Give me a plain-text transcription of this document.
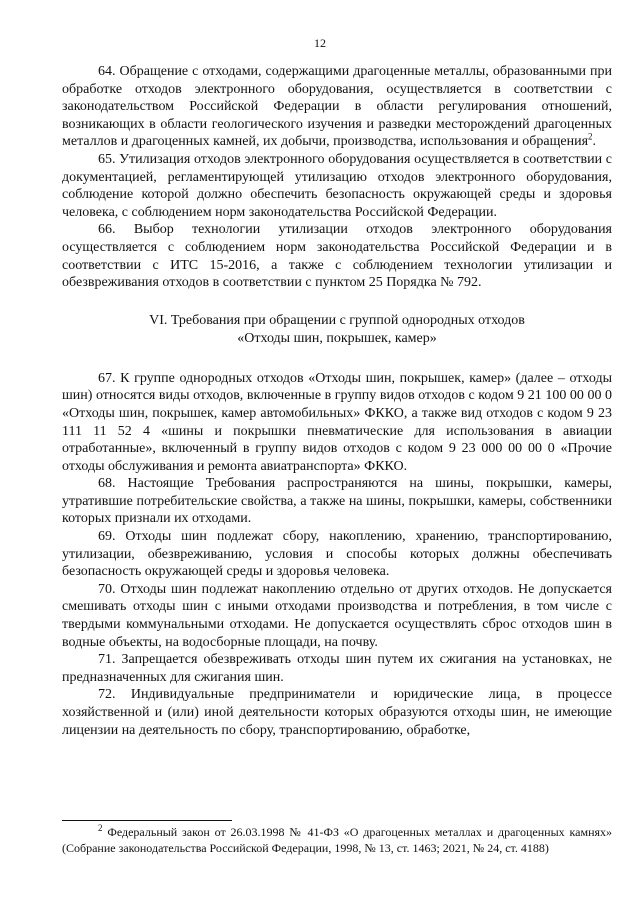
12

64. Обращение с отходами, содержащими драгоценные металлы, образованными при обработке отходов электронного оборудования, осуществляется в соответствии с законодательством Российской Федерации в области регулирования отношений, возникающих в области геологического изучения и разведки месторождений драгоценных металлов и драгоценных камней, их добычи, производства, использования и обращения$^2$.

65. Утилизация отходов электронного оборудования осуществляется в соответствии с документацией, регламентирующей утилизацию отходов электронного оборудования, соблюдение которой должно обеспечить безопасность окружающей среды и здоровья человека, с соблюдением норм законодательства Российской Федерации.

66. Выбор технологии утилизации отходов электронного оборудования осуществляется с соблюдением норм законодательства Российской Федерации и в соответствии с ИТС 15-2016, а также с соблюдением технологии утилизации и обезвреживания отходов в соответствии с пунктом 25 Порядка № 792.

VI. Требования при обращении с группой однородных отходов
«Отходы шин, покрышек, камер»

67. К группе однородных отходов «Отходы шин, покрышек, камер» (далее – отходы шин) относятся виды отходов, включенные в группу видов отходов с кодом 9 21 100 00 00 0 «Отходы шин, покрышек, камер автомобильных» ФККО, а также вид отходов с кодом 9 23 111 11 52 4 «шины и покрышки пневматические для использования в авиации отработанные», включенный в группу видов отходов с кодом 9 23 000 00 00 0 «Прочие отходы обслуживания и ремонта авиатранспорта» ФККО.

68. Настоящие Требования распространяются на шины, покрышки, камеры, утратившие потребительские свойства, а также на шины, покрышки, камеры, собственники которых признали их отходами.

69. Отходы шин подлежат сбору, накоплению, хранению, транспортированию, утилизации, обезвреживанию, условия и способы которых должны обеспечивать безопасность окружающей среды и здоровья человека.

70. Отходы шин подлежат накоплению отдельно от других отходов. Не допускается смешивать отходы шин с иными отходами производства и потребления, в том числе с твердыми коммунальными отходами. Не допускается осуществлять сброс отходов шин в водные объекты, на водосборные площади, на почву.

71. Запрещается обезвреживать отходы шин путем их сжигания на установках, не предназначенных для сжигания шин.

72. Индивидуальные предприниматели и юридические лица, в процессе хозяйственной и (или) иной деятельности которых образуются отходы шин, не имеющие лицензии на деятельность по сбору, транспортированию, обработке,

$^2$ Федеральный закон от 26.03.1998 № 41-ФЗ «О драгоценных металлах и драгоценных камнях» (Собрание законодательства Российской Федерации, 1998, № 13, ст. 1463; 2021, № 24, ст. 4188)
